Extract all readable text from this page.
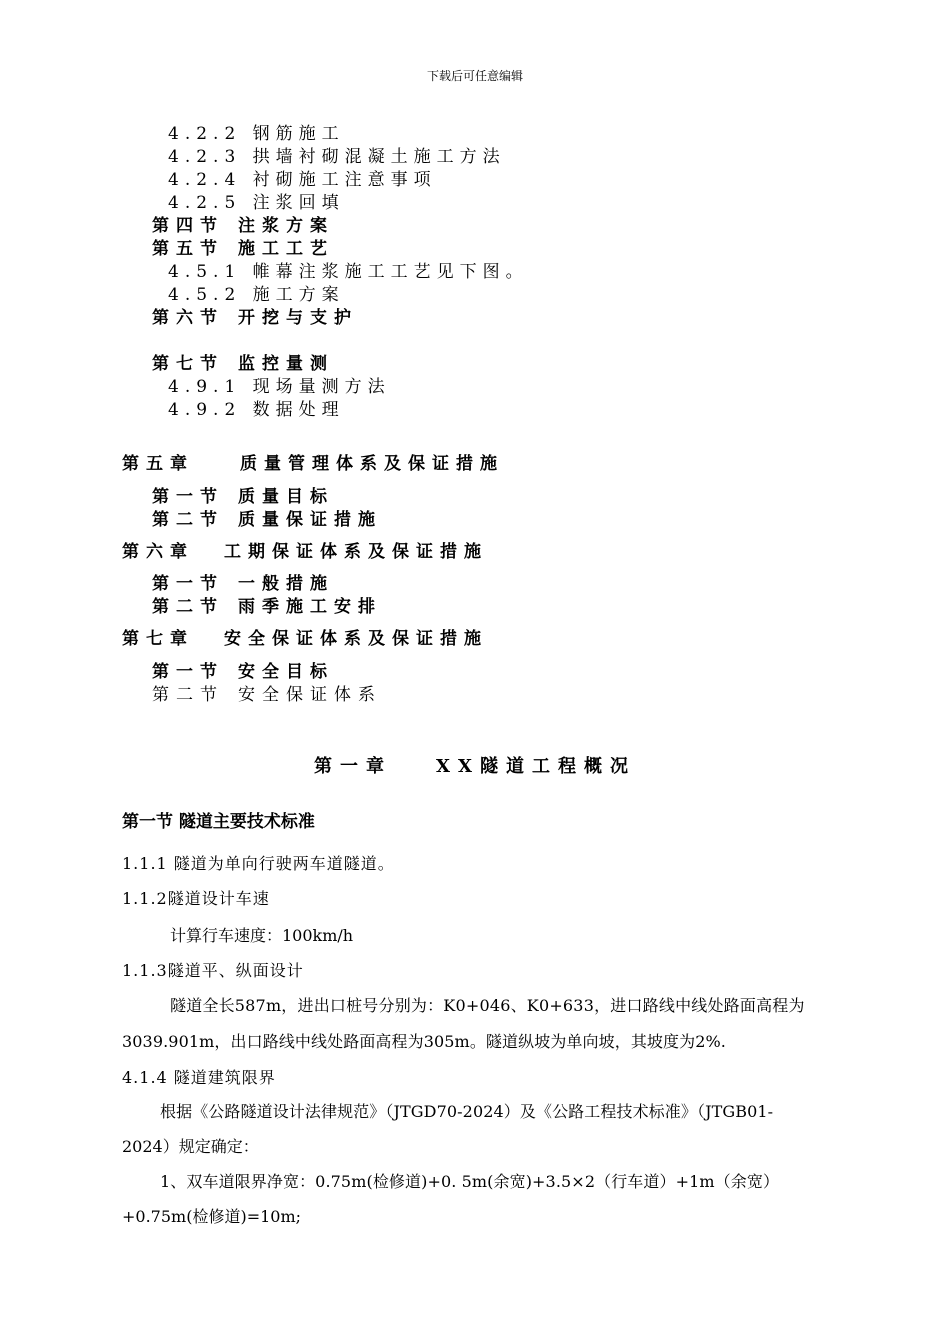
下载后可任意编辑
4.2.2 钢筋施工
4.2.3 拱墙衬砌混凝土施工方法
4.2.4 衬砌施工注意事项
4.2.5 注浆回填
第四节 注浆方案
第五节 施工工艺
4.5.1 帷幕注浆施工工艺见下图。
4.5.2 施工方案
第六节 开挖与支护
第七节 监控量测
4.9.1 现场量测方法
4.9.2 数据处理
第五章	质量管理体系及保证措施
第一节 质量目标
第二节 质量保证措施
第六章 工期保证体系及保证措施
第一节 一般措施
第二节 雨季施工安排
第七章 安全保证体系及保证措施
第一节 安全目标
第二节 安全保证体系
第一章 XX隧道工程概况
第一节 隧道主要技术标准
1.1.1 隧道为单向行驶两车道隧道。
1.1.2隧道设计车速
计算行车速度：100km/h
1.1.3隧道平、纵面设计
隧道全长587m，进出口桩号分别为：K0+046、K0+633，进口路线中线处路面高程为
3039.901m，出口路线中线处路面高程为305m。隧道纵坡为单向坡，其坡度为2%.
4.1.4 隧道建筑限界
根据《公路隧道设计法律规范》（JTGD70-2024）及《公路工程技术标准》（JTGB01-
2024）规定确定：
1、双车道限界净宽：0.75m(检修道)+0. 5m(余宽)+3.5×2（行车道）+1m（余宽）
+0.75m(检修道)=10m;
